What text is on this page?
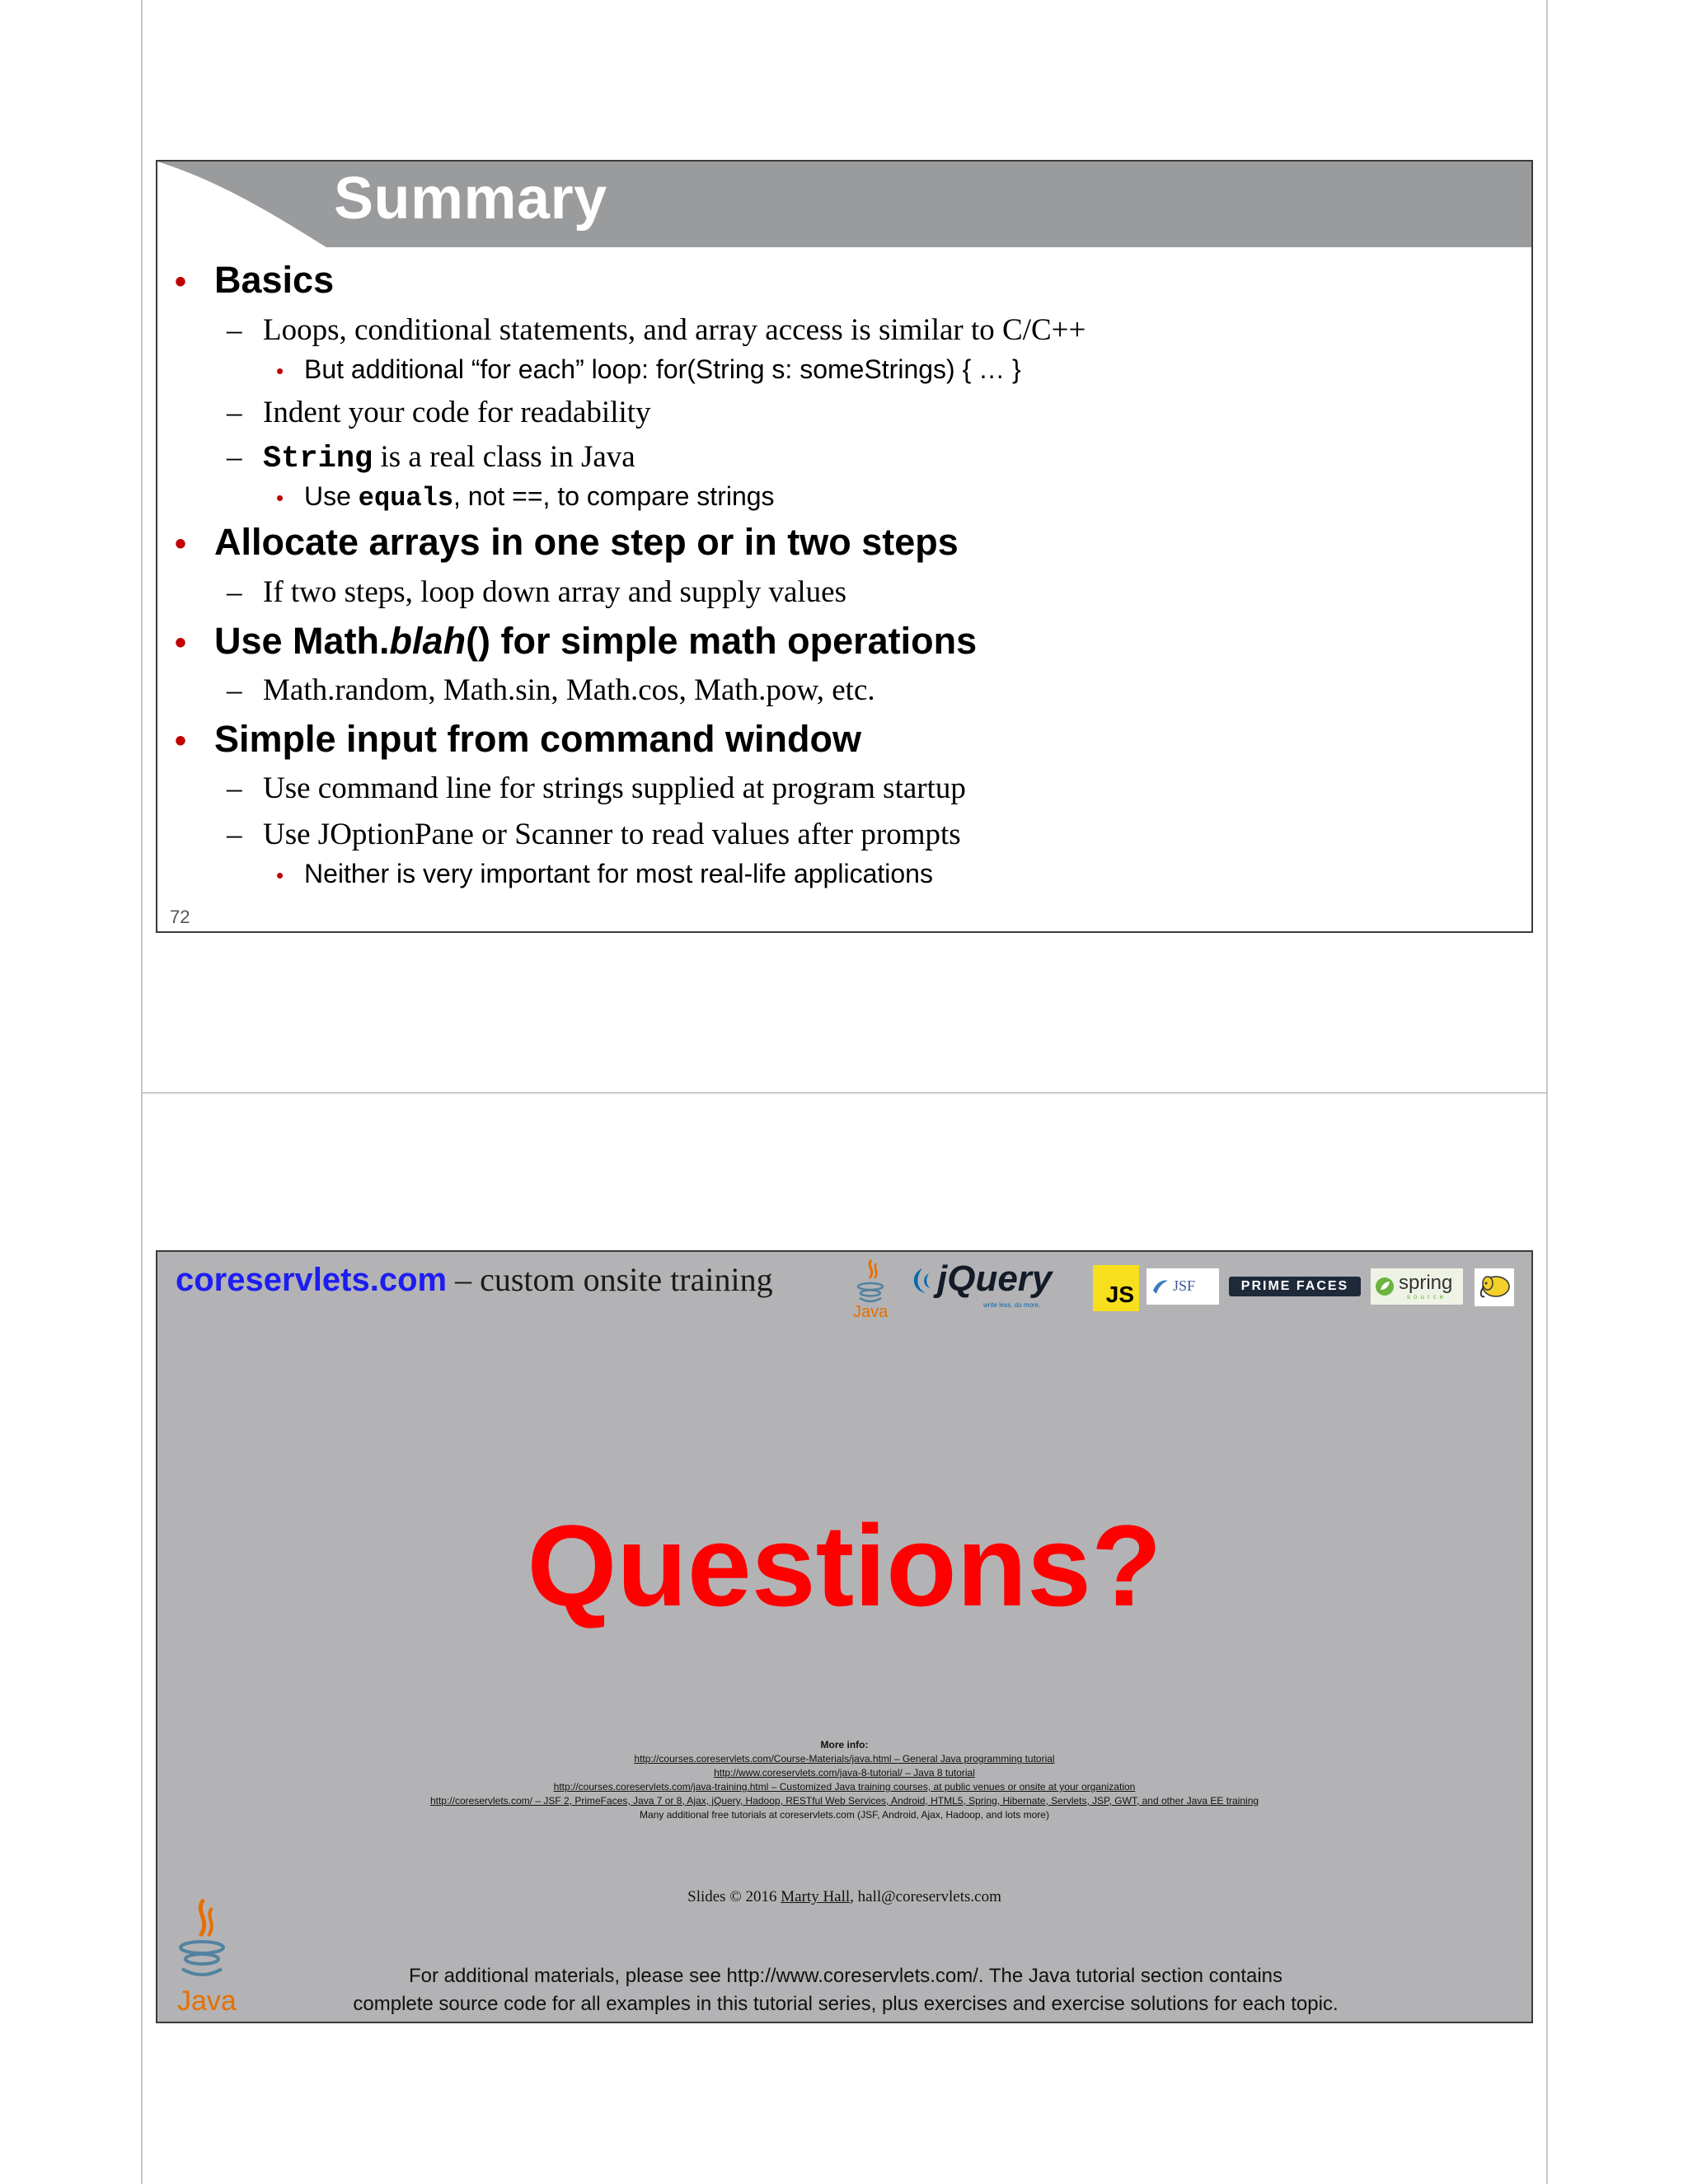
Summary
• Basics
– Loops, conditional statements, and array access is similar to C/C++
• But additional “for each” loop: for(String s: someStrings) { … }
– Indent your code for readability
– String is a real class in Java
• Use equals, not ==, to compare strings
• Allocate arrays in one step or in two steps
– If two steps, loop down array and supply values
• Use Math.blah() for simple math operations
– Math.random, Math.sin, Math.cos, Math.pow, etc.
• Simple input from command window
– Use command line for strings supplied at program startup
– Use JOptionPane or Scanner to read values after prompts
• Neither is very important for most real-life applications
72
coreservlets.com – custom onsite training
Java
jQuery
write less, do more.	JS	JSF	PRIME FACES	spring
source
Questions?
More info:
http://courses.coreservlets.com/Course-Materials/java.html – General Java programming tutorial
http://www.coreservlets.com/java-8-tutorial/ – Java 8 tutorial
http://courses.coreservlets.com/java-training.html – Customized Java training courses, at public venues or onsite at your organization
http://coreservlets.com/ – JSF 2, PrimeFaces, Java 7 or 8, Ajax, jQuery, Hadoop, RESTful Web Services, Android, HTML5, Spring, Hibernate, Servlets, JSP, GWT, and other Java EE training
Many additional free tutorials at coreservlets.com (JSF, Android, Ajax, Hadoop, and lots more)
Slides © 2016 Marty Hall, hall@coreservlets.com
Java
For additional materials, please see http://www.coreservlets.com/. The Java tutorial section contains
complete source code for all examples in this tutorial series, plus exercises and exercise solutions for each topic.
